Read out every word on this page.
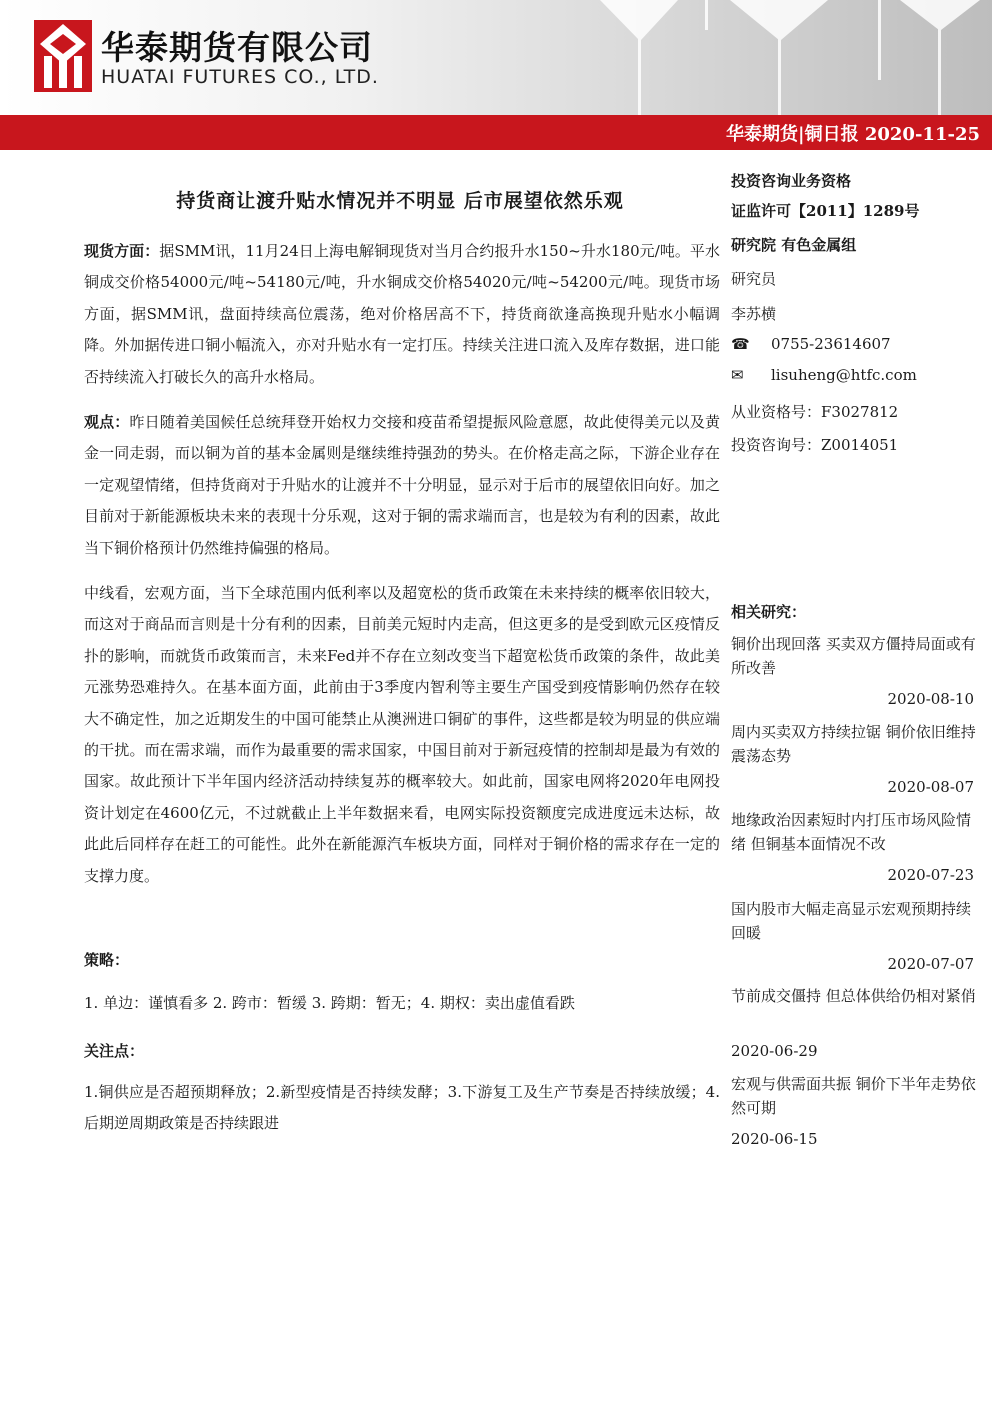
华泰期货有限公司
HUATAI FUTURES CO., LTD.
华泰期货|铜日报 2020-11-25
持货商让渡升贴水情况并不明显 后市展望依然乐观

现货方面：据SMM讯，11月24日上海电解铜现货对当月合约报升水150~升水180元/吨。平水铜成交价格54000元/吨~54180元/吨，升水铜成交价格54020元/吨~54200元/吨。现货市场方面，据SMM讯，盘面持续高位震荡，绝对价格居高不下，持货商欲逢高换现升贴水小幅调降。外加据传进口铜小幅流入，亦对升贴水有一定打压。持续关注进口流入及库存数据，进口能否持续流入打破长久的高升水格局。

观点：昨日随着美国候任总统拜登开始权力交接和疫苗希望提振风险意愿，故此使得美元以及黄金一同走弱，而以铜为首的基本金属则是继续维持强劲的势头。在价格走高之际，下游企业存在一定观望情绪，但持货商对于升贴水的让渡并不十分明显，显示对于后市的展望依旧向好。加之目前对于新能源板块未来的表现十分乐观，这对于铜的需求端而言，也是较为有利的因素，故此当下铜价格预计仍然维持偏强的格局。

中线看，宏观方面，当下全球范围内低利率以及超宽松的货币政策在未来持续的概率依旧较大，而这对于商品而言则是十分有利的因素，目前美元短时内走高，但这更多的是受到欧元区疫情反扑的影响，而就货币政策而言，未来Fed并不存在立刻改变当下超宽松货币政策的条件，故此美元涨势恐难持久。在基本面方面，此前由于3季度内智利等主要生产国受到疫情影响仍然存在较大不确定性，加之近期发生的中国可能禁止从澳洲进口铜矿的事件，这些都是较为明显的供应端的干扰。而在需求端，而作为最重要的需求国家，中国目前对于新冠疫情的控制却是最为有效的国家。故此预计下半年国内经济活动持续复苏的概率较大。如此前，国家电网将2020年电网投资计划定在4600亿元，不过就截止上半年数据来看，电网实际投资额度完成进度远未达标，故此此后同样存在赶工的可能性。此外在新能源汽车板块方面，同样对于铜价格的需求存在一定的支撑力度。

策略：

1. 单边：谨慎看多 2. 跨市：暂缓 3. 跨期：暂无；4. 期权：卖出虚值看跌

关注点：

1.铜供应是否超预期释放；2.新型疫情是否持续发酵；3.下游复工及生产节奏是否持续放缓；4. 后期逆周期政策是否持续跟进

投资咨询业务资格
证监许可【2011】1289号
研究院 有色金属组
研究员
李苏横
☎ 0755-23614607
✉ lisuheng@htfc.com
从业资格号：F3027812
投资咨询号：Z0014051
相关研究：
铜价出现回落 买卖双方僵持局面或有所改善
2020-08-10
周内买卖双方持续拉锯 铜价依旧维持震荡态势
2020-08-07
地缘政治因素短时内打压市场风险情绪 但铜基本面情况不改
2020-07-23
国内股市大幅走高显示宏观预期持续回暖
2020-07-07
节前成交僵持 但总体供给仍相对紧俏
2020-06-29
宏观与供需面共振 铜价下半年走势依然可期
2020-06-15
